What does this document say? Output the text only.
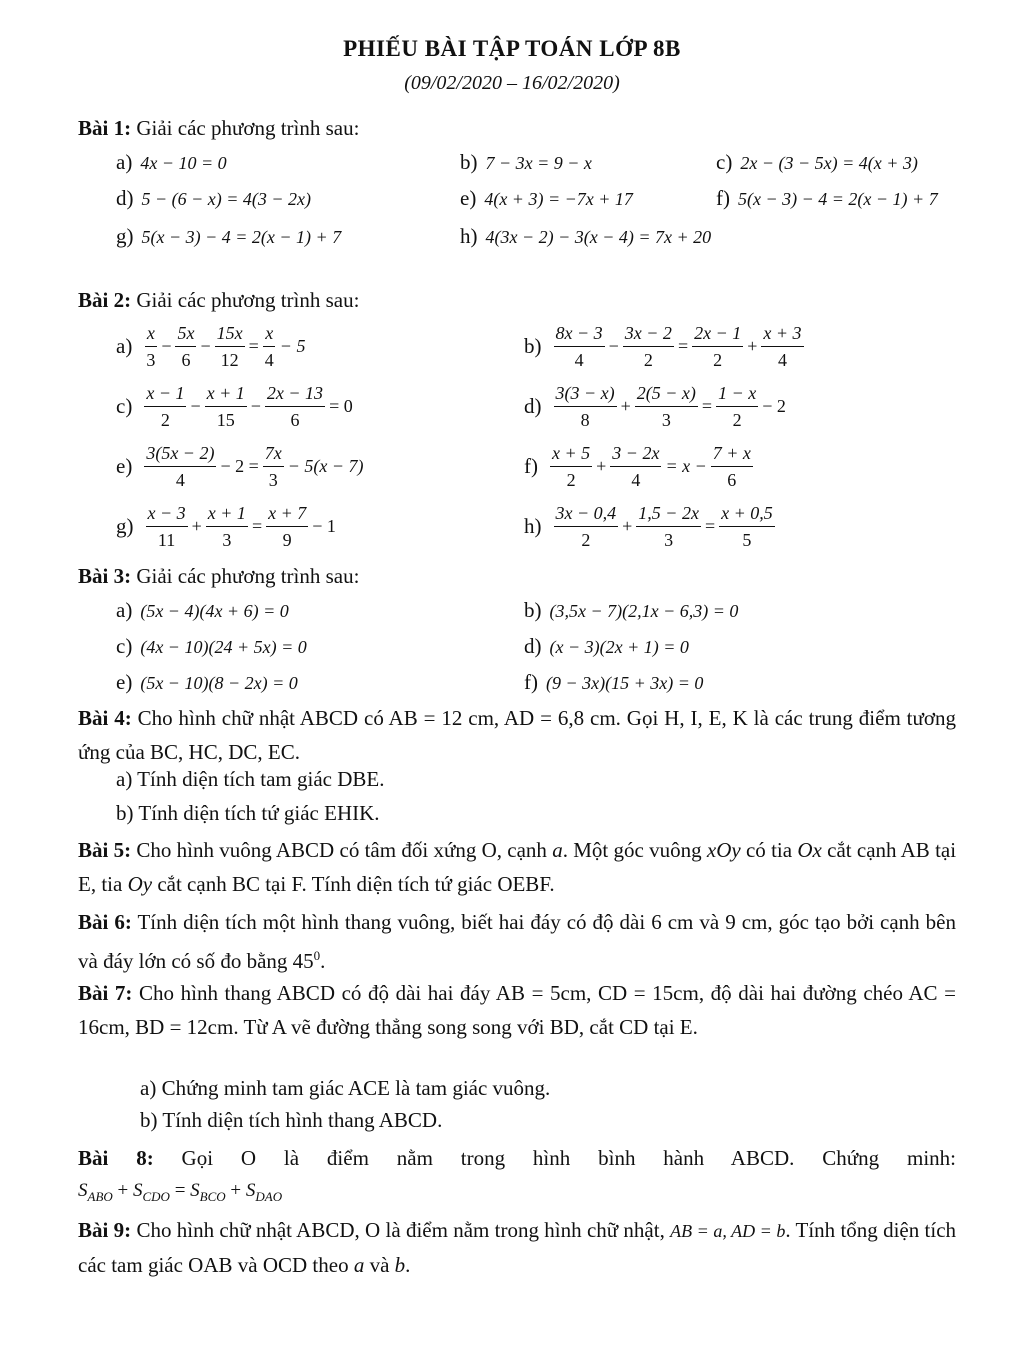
PHIẾU BÀI TẬP TOÁN LỚP 8B
(09/02/2020 – 16/02/2020)
Bài 1: Giải các phương trình sau:
a) 4x − 10 = 0	b) 7 − 3x = 9 − x	c) 2x − (3 − 5x) = 4(x + 3)
d) 5 − (6 − x) = 4(3 − 2x)	e) 4(x + 3) = −7x + 17	f) 5(x − 3) − 4 = 2(x − 1) + 7
g) 5(x − 3) − 4 = 2(x − 1) + 7	h) 4(3x − 2) − 3(x − 4) = 7x + 20
Bài 2: Giải các phương trình sau:
$a) \frac{x}{3} - \frac{5x}{6} - \frac{15x}{12} = \frac{x}{4} - 5$	$b) \frac{8x - 3}{4} - \frac{3x - 2}{2} = \frac{2x - 1}{2} + \frac{x + 3}{4}$
$c) \frac{x - 1}{2} - \frac{x + 1}{15} - \frac{2x - 13}{6} = 0$	$d) \frac{3(3 - x)}{8} + \frac{2(5 - x)}{3} = \frac{1 - x}{2} - 2$
$e) \frac{3(5x - 2)}{4} - 2 = \frac{7x}{3} - 5(x - 7)$	$f) \frac{x + 5}{2} + \frac{3 - 2x}{4} = x - \frac{7 + x}{6}$
$g) \frac{x - 3}{11} + \frac{x + 1}{3} = \frac{x + 7}{9} - 1$	$h) \frac{3x - 0,4}{2} + \frac{1,5 - 2x}{3} = \frac{x + 0,5}{5}$
Bài 3: Giải các phương trình sau:
a) (5x − 4)(4x + 6) = 0	b) (3,5x − 7)(2,1x − 6,3) = 0
c) (4x − 10)(24 + 5x) = 0	d) (x − 3)(2x + 1) = 0
e) (5x − 10)(8 − 2x) = 0	f) (9 − 3x)(15 + 3x) = 0
Bài 4: Cho hình chữ nhật ABCD có AB = 12 cm, AD = 6,8 cm. Gọi H, I, E, K là các trung điểm tương ứng của BC, HC, DC, EC.
a) Tính diện tích tam giác DBE.
b) Tính diện tích tứ giác EHIK.
Bài 5: Cho hình vuông ABCD có tâm đối xứng O, cạnh a. Một góc vuông xOy có tia Ox cắt cạnh AB tại E, tia Oy cắt cạnh BC tại F. Tính diện tích tứ giác OEBF.
Bài 6: Tính diện tích một hình thang vuông, biết hai đáy có độ dài 6 cm và 9 cm, góc tạo bởi cạnh bên và đáy lớn có số đo bằng $45^0$.
Bài 7: Cho hình thang ABCD có độ dài hai đáy AB = 5cm, CD = 15cm, độ dài hai đường chéo AC = 16cm, BD = 12cm. Từ A vẽ đường thẳng song song với BD, cắt CD tại E.
a) Chứng minh tam giác ACE là tam giác vuông.
b) Tính diện tích hình thang ABCD.
Bài 8: Gọi O là điểm nằm trong hình bình hành ABCD. Chứng minh:
$S_{ABO} + S_{CDO} = S_{BCO} + S_{DAO}$
Bài 9: Cho hình chữ nhật ABCD, O là điểm nằm trong hình chữ nhật, AB = a, AD = b. Tính tổng diện tích các tam giác OAB và OCD theo a và b.
